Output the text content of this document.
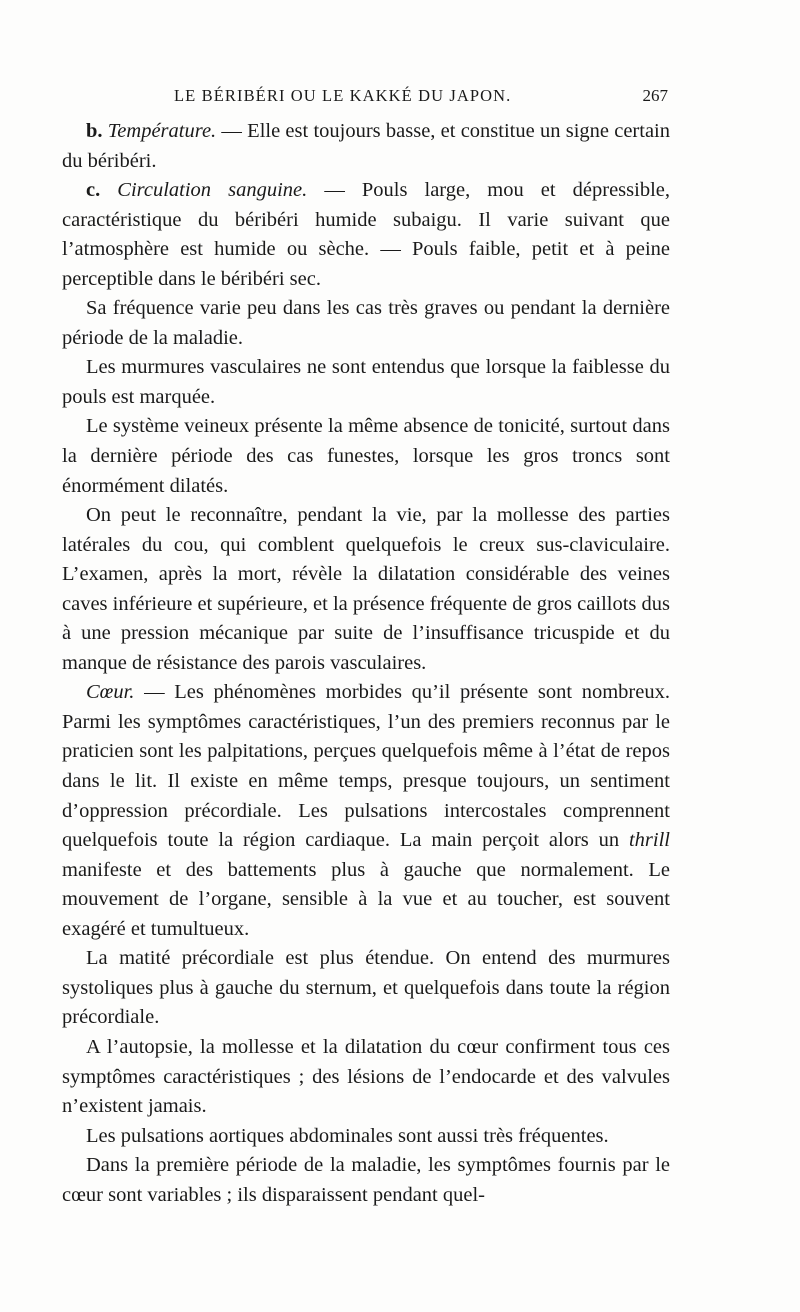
LE BÉRIBÉRI OU LE KAKKÉ DU JAPON.	267

b. Température. — Elle est toujours basse, et constitue un signe certain du béribéri.

c. Circulation sanguine. — Pouls large, mou et dépressible, caractéristique du béribéri humide subaigu. Il varie suivant que l’atmosphère est humide ou sèche. — Pouls faible, petit et à peine perceptible dans le béribéri sec.

Sa fréquence varie peu dans les cas très graves ou pendant la dernière période de la maladie.

Les murmures vasculaires ne sont entendus que lorsque la faiblesse du pouls est marquée.

Le système veineux présente la même absence de tonicité, surtout dans la dernière période des cas funestes, lorsque les gros troncs sont énormément dilatés.

On peut le reconnaître, pendant la vie, par la mollesse des parties latérales du cou, qui comblent quelquefois le creux sus-claviculaire. L’examen, après la mort, révèle la dilatation considérable des veines caves inférieure et supérieure, et la présence fréquente de gros caillots dus à une pression mécanique par suite de l’insuffisance tricuspide et du manque de résistance des parois vasculaires.

Cœur. — Les phénomènes morbides qu’il présente sont nombreux. Parmi les symptômes caractéristiques, l’un des premiers reconnus par le praticien sont les palpitations, perçues quelquefois même à l’état de repos dans le lit. Il existe en même temps, presque toujours, un sentiment d’oppression précordiale. Les pulsations intercostales comprennent quelquefois toute la région cardiaque. La main perçoit alors un thrill manifeste et des battements plus à gauche que normalement. Le mouvement de l’organe, sensible à la vue et au toucher, est souvent exagéré et tumultueux.

La matité précordiale est plus étendue. On entend des murmures systoliques plus à gauche du sternum, et quelquefois dans toute la région précordiale.

A l’autopsie, la mollesse et la dilatation du cœur confirment tous ces symptômes caractéristiques ; des lésions de l’endocarde et des valvules n’existent jamais.

Les pulsations aortiques abdominales sont aussi très fréquentes.

Dans la première période de la maladie, les symptômes fournis par le cœur sont variables ; ils disparaissent pendant quel-
